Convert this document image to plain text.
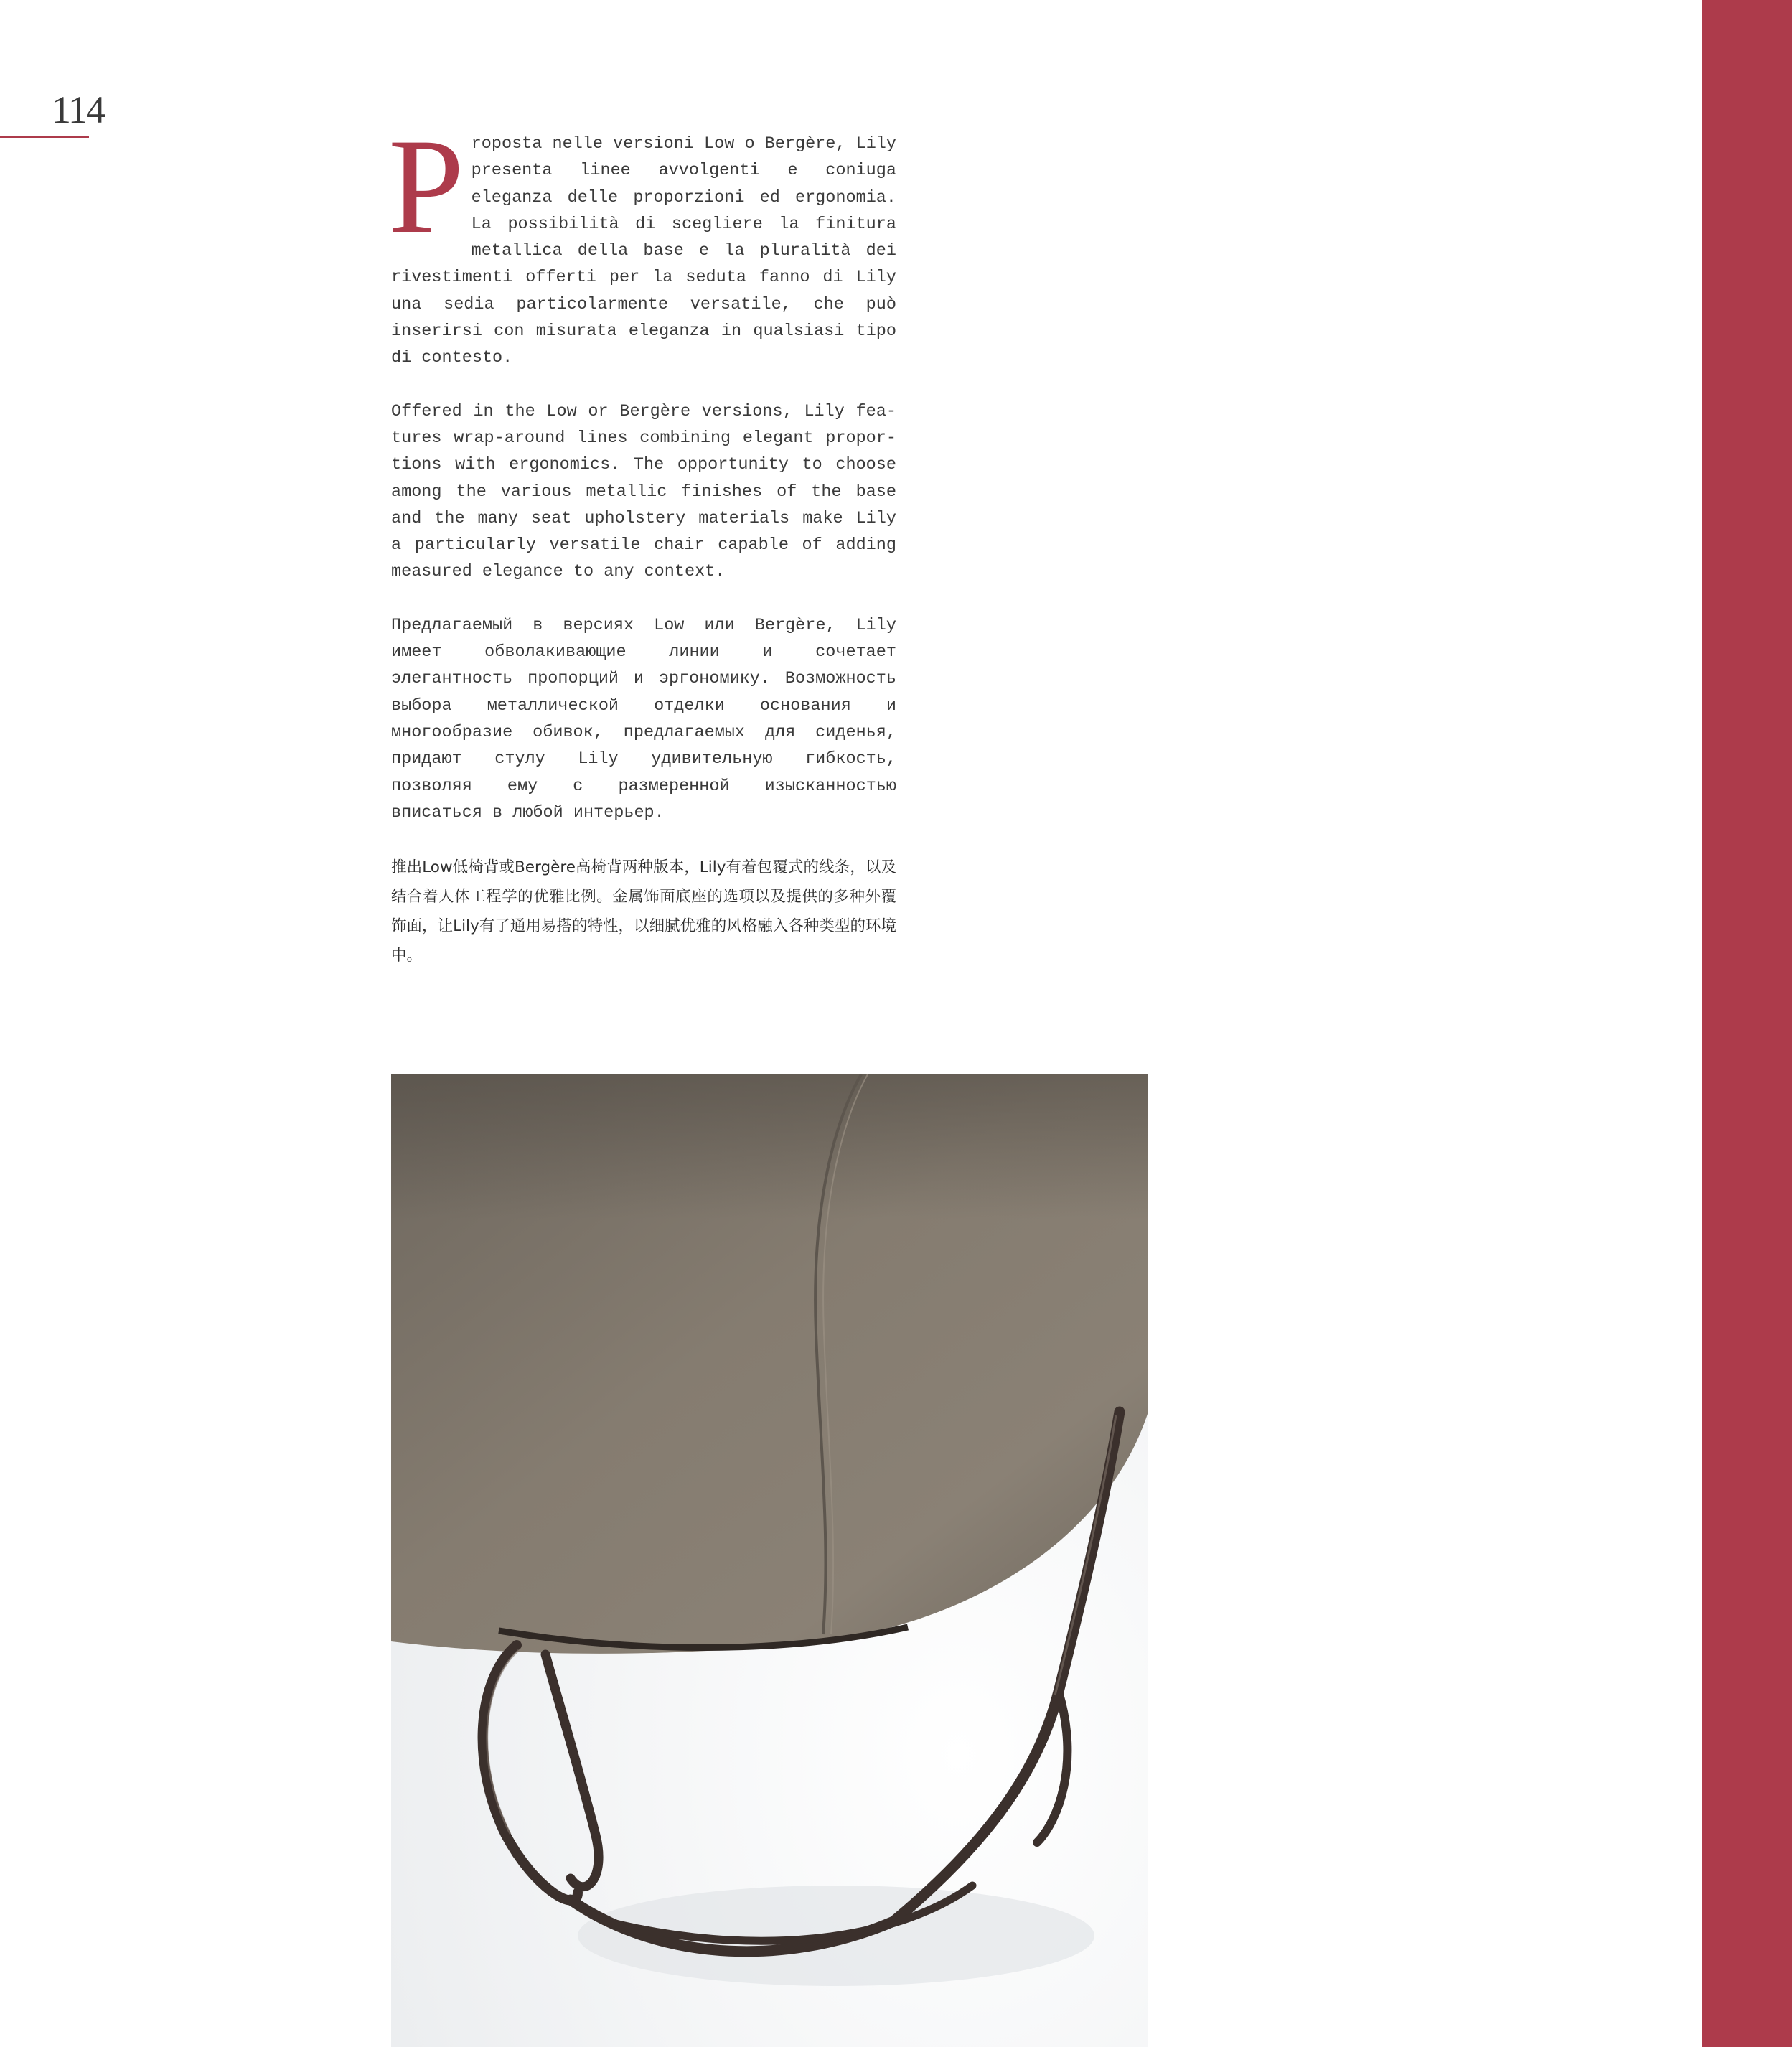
114

Proposta nelle versioni Low o Bergère, Lily presenta linee avvolgenti e coniuga eleganza delle proporzioni ed ergonomia. La possibilità di scegliere la finitura metallica della base e la pluralità dei rivestimenti offerti per la seduta fanno di Lily una sedia particolarmente versatile, che può inserirsi con misurata eleganza in qualsiasi tipo di contesto.

Offered in the Low or Bergère versions, Lily features wrap-around lines combining elegant proportions with ergonomics. The opportunity to choose among the various metallic finishes of the base and the many seat upholstery materials make Lily a particularly versatile chair capable of adding measured elegance to any context.

Предлагаемый в версиях Low или Bergère, Lily имеет обволакивающие линии и сочетает элегантность пропорций и эргономику. Возможность выбора металлической отделки основания и многообразие обивок, предлагаемых для сиденья, придают стулу Lily удивительную гибкость, позволяя ему с размеренной изысканностью вписаться в любой интерьер.

推出Low低椅背或Bergère高椅背两种版本，Lily有着包覆式的线条，以及结合着人体工程学的优雅比例。金属饰面底座的选项以及提供的多种外覆饰面，让Lily有了通用易搭的特性，以细腻优雅的风格融入各种类型的环境中。
